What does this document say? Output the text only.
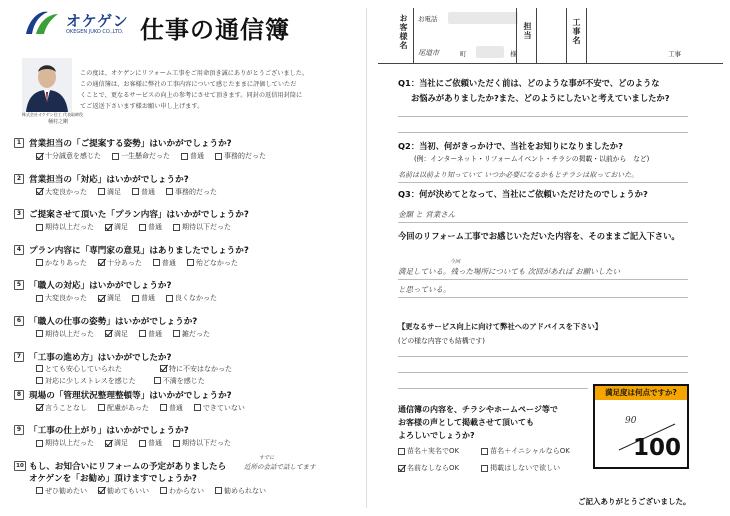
オケゲン
OKEGEN JUKO CO.,LTD. 仕事の通信簿
株式会社オケゲン住工 代表取締役
桶村之剛
この度は、オケゲンにリフォーム工事をご用命頂き誠にありがとうございました。
この通信簿は、お客様に弊社の工事内容について感じたままに評価していただ
くことで、更なるサービスの向上の参考にさせて頂きます。同封の返信用封筒に
てご返送下さいます様お願い申し上げます。
1 営業担当の「ご提案する姿勢」はいかがでしょうか?
十分誠意を感じた	一生懸命だった	普通	事務的だった
2 営業担当の「対応」はいかがでしょうか?
大変良かった	満足	普通	事務的だった
3 ご提案させて頂いた「プラン内容」はいかがでしょうか?
期待以上だった	満足	普通	期待以下だった
4 プラン内容に「専門家の意見」はありましたでしょうか?
かなりあった	十分あった	普通	殆どなかった
5 「職人の対応」はいかがでしょうか?
大変良かった	満足	普通	良くなかった
6 「職人の仕事の姿勢」はいかがでしょうか?
期待以上だった	満足	普通	雑だった
7 「工事の進め方」はいかがでしたか?
とても安心していられた	特に不安はなかった
対応に少しストレスを感じた	不満を感じた
8 現場の「管理状況整理整頓等」はいかがでしょうか?
言うことなし	配慮があった	普通	できていない
9 「工事の仕上がり」はいかがでしょうか?
期待以上だった	満足	普通	期待以下だった
10 もし、お知合いにリフォームの予定がありましたら
オケゲンを「お勧め」頂けますでしょうか?
すでに
近所の会話で話してます
ぜひ勧めたい	勧めてもいい	わからない	勧められない
お客様名 お電話
尾道市	町	様
担当	工事名
工事
Q1：当社にご依頼いただく前は、どのような事が不安で、どのような
お悩みがありましたか?また、どのようにしたいと考えていましたか?
Q2：当初、何がきっかけで、当社をお知りになりましたか?
(例：インターネット・リフォームイベント・チラシの掲載・以前から　など)
名前は以前より知っていて いつか必要になるかもとチラシは取っておいた。
Q3：何が決めてとなって、当社にご依頼いただけたのでしょうか?
金額 と 営業さん
今回のリフォーム工事でお感じいただいた内容を、そのままご記入下さい。
今回
満足している。残った場所についても 次回があれば お願いしたい
と思っている。
【更なるサービス向上に向けて弊社へのアドバイスを下さい】
(どの様な内容でも結構です)
通信簿の内容を、チラシやホームページ等で
お客様の声として掲載させて頂いても
よろしいでしょうか?
苗名＋実名でOK	苗名＋イニシャルならOK
名前なしならOK	掲載はしないで欲しい
満足度は何点ですか?
90
100
ご記入ありがとうございました。
